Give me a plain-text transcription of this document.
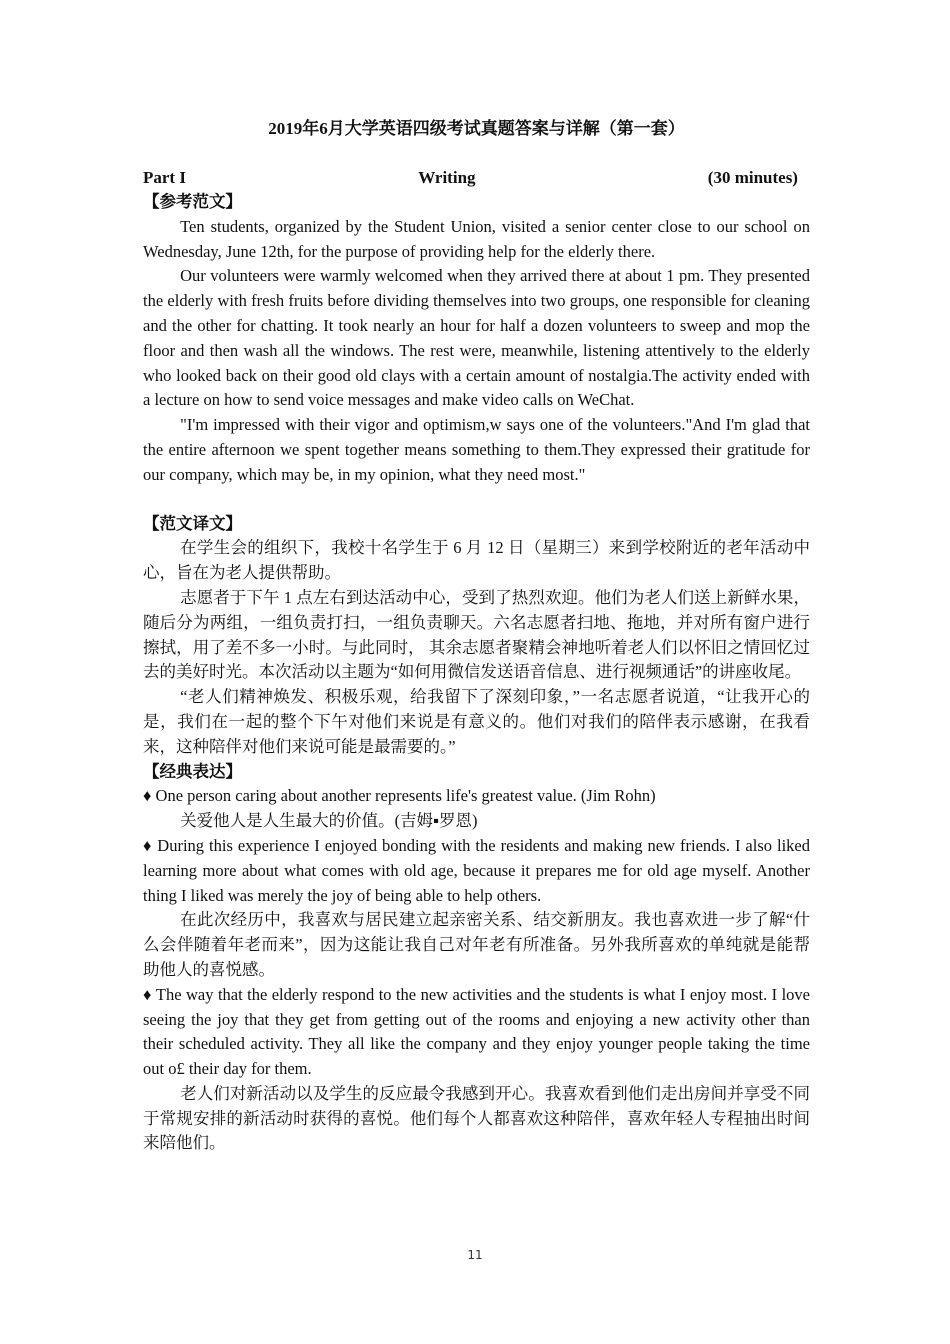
2019年6月大学英语四级考试真题答案与详解（第一套）
Part I	Writing	(30 minutes)
【参考范文】

Ten students, organized by the Student Union, visited a senior center close to our school on Wednesday, June 12th, for the purpose of providing help for the elderly there.

Our volunteers were warmly welcomed when they arrived there at about 1 pm. They presented the elderly with fresh fruits before dividing themselves into two groups, one responsible for cleaning and the other for chatting. It took nearly an hour for half a dozen volunteers to sweep and mop the floor and then wash all the windows. The rest were, meanwhile, listening attentively to the elderly who looked back on their good old clays with a certain amount of nostalgia.The activity ended with a lecture on how to send voice messages and make video calls on WeChat.

"I'm impressed with their vigor and optimism,w says one of the volunteers."And I'm glad that the entire afternoon we spent together means something to them.They expressed their gratitude for our company, which may be, in my opinion, what they need most."

【范文译文】

在学生会的组织下，我校十名学生于 6 月 12 日（星期三）来到学校附近的老年活动中心，旨在为老人提供帮助。

志愿者于下午 1 点左右到达活动中心，受到了热烈欢迎。他们为老人们送上新鲜水果，随后分为两组，一组负责打扫，一组负责聊天。六名志愿者扫地、拖地，并对所有窗户进行擦拭，用了差不多一小时。与此同时， 其余志愿者聚精会神地听着老人们以怀旧之情回忆过去的美好时光。本次活动以主题为“如何用微信发送语音信息、进行视频通话”的讲座收尾。

“老人们精神焕发、积极乐观，给我留下了深刻印象，”一名志愿者说道，“让我开心的是，我们在一起的整个下午对他们来说是有意义的。他们对我们的陪伴表示感谢，在我看来，这种陪伴对他们来说可能是最需要的。”

【经典表达】

♦ One person caring about another represents life's greatest value. (Jim Rohn)

关爱他人是人生最大的价值。(吉姆▪罗恩)

♦ During this experience I enjoyed bonding with the residents and making new friends. I also liked learning more about what comes with old age, because it prepares me for old age myself. Another thing I liked was merely the joy of being able to help others.

在此次经历中，我喜欢与居民建立起亲密关系、结交新朋友。我也喜欢进一步了解“什么会伴随着年老而来”，因为这能让我自己对年老有所准备。另外我所喜欢的单纯就是能帮助他人的喜悦感。

♦ The way that the elderly respond to the new activities and the students is what I enjoy most. I love seeing the joy that they get from getting out of the rooms and enjoying a new activity other than their scheduled activity. They all like the company and they enjoy younger people taking the time out o£ their day for them.

老人们对新活动以及学生的反应最令我感到开心。我喜欢看到他们走出房间并享受不同于常规安排的新活动时获得的喜悦。他们每个人都喜欢这种陪伴，喜欢年轻人专程抽出时间来陪他们。

11
